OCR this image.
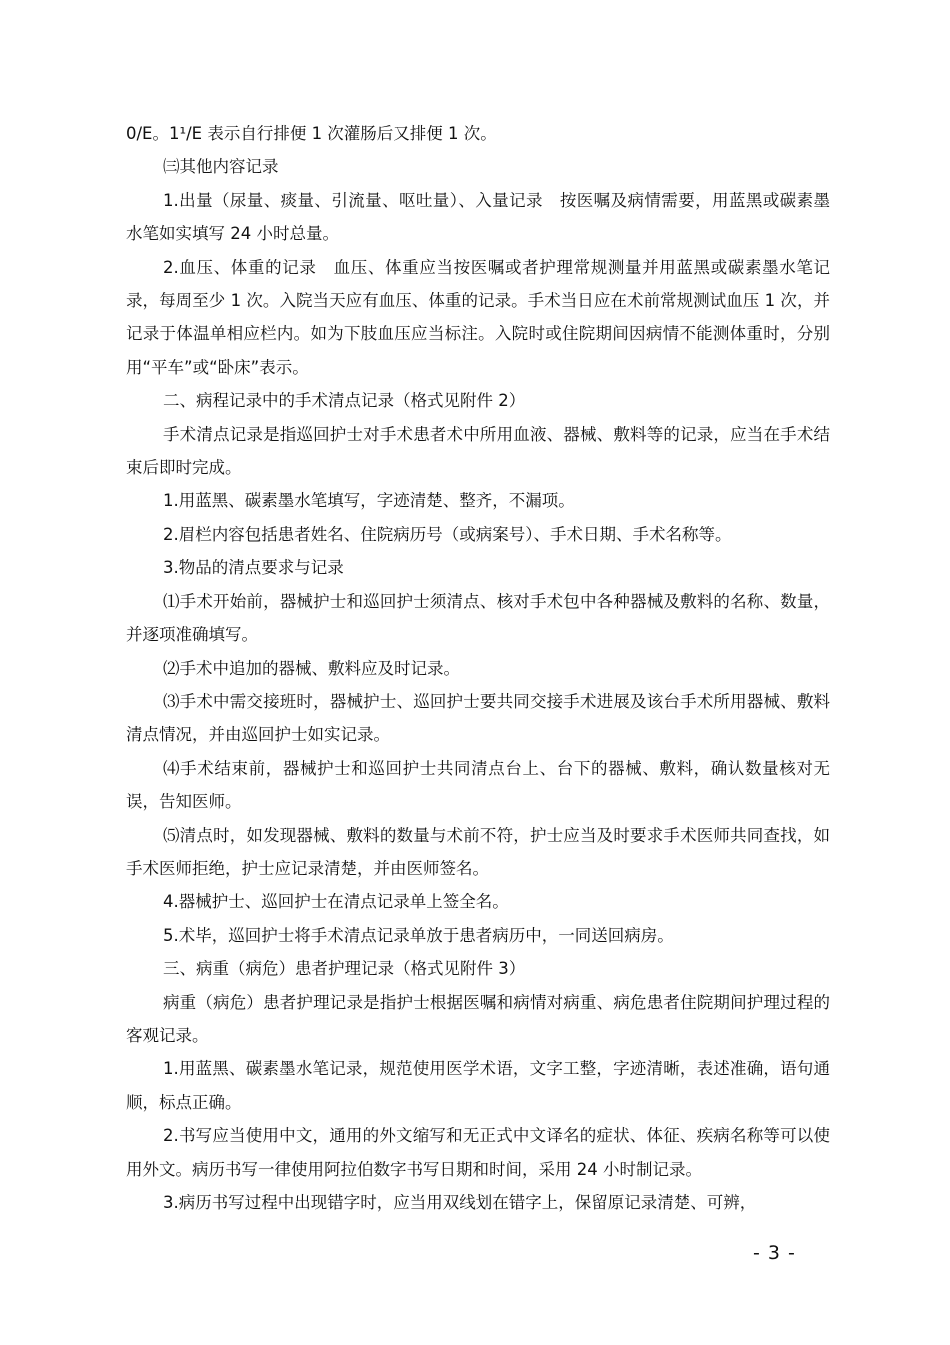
0/E。1¹/E 表示自行排便 1 次灌肠后又排便 1 次。

㈢其他内容记录

1.出量（尿量、痰量、引流量、呕吐量）、入量记录　按医嘱及病情需要，用蓝黑或碳素墨水笔如实填写 24 小时总量。

2.血压、体重的记录　血压、体重应当按医嘱或者护理常规测量并用蓝黑或碳素墨水笔记录，每周至少 1 次。入院当天应有血压、体重的记录。手术当日应在术前常规测试血压 1 次，并记录于体温单相应栏内。如为下肢血压应当标注。入院时或住院期间因病情不能测体重时，分别用“平车”或“卧床”表示。

二、病程记录中的手术清点记录（格式见附件 2）

手术清点记录是指巡回护士对手术患者术中所用血液、器械、敷料等的记录，应当在手术结束后即时完成。

1.用蓝黑、碳素墨水笔填写，字迹清楚、整齐，不漏项。

2.眉栏内容包括患者姓名、住院病历号（或病案号）、手术日期、手术名称等。

3.物品的清点要求与记录

⑴手术开始前，器械护士和巡回护士须清点、核对手术包中各种器械及敷料的名称、数量，并逐项准确填写。

⑵手术中追加的器械、敷料应及时记录。

⑶手术中需交接班时，器械护士、巡回护士要共同交接手术进展及该台手术所用器械、敷料清点情况，并由巡回护士如实记录。

⑷手术结束前，器械护士和巡回护士共同清点台上、台下的器械、敷料，确认数量核对无误，告知医师。

⑸清点时，如发现器械、敷料的数量与术前不符，护士应当及时要求手术医师共同查找，如手术医师拒绝，护士应记录清楚，并由医师签名。

4.器械护士、巡回护士在清点记录单上签全名。

5.术毕，巡回护士将手术清点记录单放于患者病历中，一同送回病房。

三、病重（病危）患者护理记录（格式见附件 3）

病重（病危）患者护理记录是指护士根据医嘱和病情对病重、病危患者住院期间护理过程的客观记录。

1.用蓝黑、碳素墨水笔记录，规范使用医学术语，文字工整，字迹清晰，表述准确，语句通顺，标点正确。

2.书写应当使用中文，通用的外文缩写和无正式中文译名的症状、体征、疾病名称等可以使用外文。病历书写一律使用阿拉伯数字书写日期和时间，采用 24 小时制记录。

3.病历书写过程中出现错字时，应当用双线划在错字上，保留原记录清楚、可辨，

- 3 -
